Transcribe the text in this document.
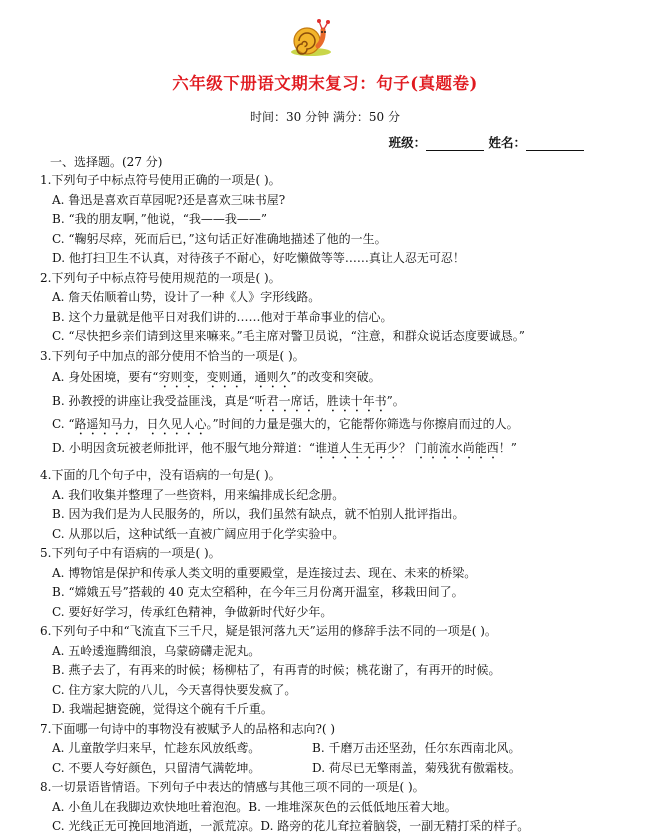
六年级下册语文期末复习：句子(真题卷)
时间：30 分钟 满分：50 分
班级：	姓名：
一、选择题。(27 分)
1.下列句子中标点符号使用正确的一项是( )。
A. 鲁迅是喜欢百草园呢?还是喜欢三味书屋?
B. “我的朋友啊，”他说，“我——我——”
C. “鞠躬尽瘁，死而后已，”这句话正好准确地描述了他的一生。
D. 他打扫卫生不认真，对待孩子不耐心，好吃懒做等等……真让人忍无可忍！
2.下列句子中标点符号使用规范的一项是( )。
A. 詹天佑顺着山势，设计了一种《人》字形线路。
B. 这个力量就是他平日对我们讲的……他对于革命事业的信心。
C. “尽快把乡亲们请到这里来嘛来。”毛主席对警卫员说，“注意，和群众说话态度要诚恳。”
3.下列句子中加点的部分使用不恰当的一项是( )。
A. 身处困境，要有“穷则变，变则通，通则久”的改变和突破。
B. 孙教授的讲座让我受益匪浅，真是“听君一席话，胜读十年书”。
C. “路遥知马力，日久见人心。”时间的力量是强大的，它能帮你筛选与你擦肩而过的人。
D. 小明因贪玩被老师批评，他不服气地分辩道：“谁道人生无再少？ 门前流水尚能西！”
4.下面的几个句子中，没有语病的一句是( )。
A. 我们收集并整理了一些资料，用来编排成长纪念册。
B. 因为我们是为人民服务的，所以，我们虽然有缺点，就不怕别人批评指出。
C. 从那以后，这种试纸一直被广阔应用于化学实验中。
5.下列句子中有语病的一项是( )。
A. 博物馆是保护和传承人类文明的重要殿堂，是连接过去、现在、未来的桥梁。
B. “嫦娥五号”搭载的 40 克太空稻种，在今年三月份离开温室，移栽田间了。
C. 要好好学习，传承红色精神，争做新时代好少年。
6.下列句子中和“飞流直下三千尺，疑是银河落九天”运用的修辞手法不同的一项是( )。
A. 五岭逶迤腾细浪，乌蒙磅礴走泥丸。
B. 燕子去了，有再来的时候；杨柳枯了，有再青的时候；桃花谢了，有再开的时候。
C. 住方家大院的八儿，今天喜得快要发疯了。
D. 我端起搪瓷碗，觉得这个碗有千斤重。
7.下面哪一句诗中的事物没有被赋予人的品格和志向?( )
A. 儿童散学归来早，忙趁东风放纸鸢。	B. 千磨万击还坚劲，任尔东西南北风。
C. 不要人夸好颜色，只留清气满乾坤。	D. 荷尽已无擎雨盖，菊残犹有傲霜枝。
8.一切景语皆情语。下列句子中表达的情感与其他三项不同的一项是( )。
A. 小鱼儿在我脚边欢快地吐着泡泡。B. 一堆堆深灰色的云低低地压着大地。
C. 光线正无可挽回地消逝，一派荒凉。D. 路旁的花儿耷拉着脑袋，一副无精打采的样子。
